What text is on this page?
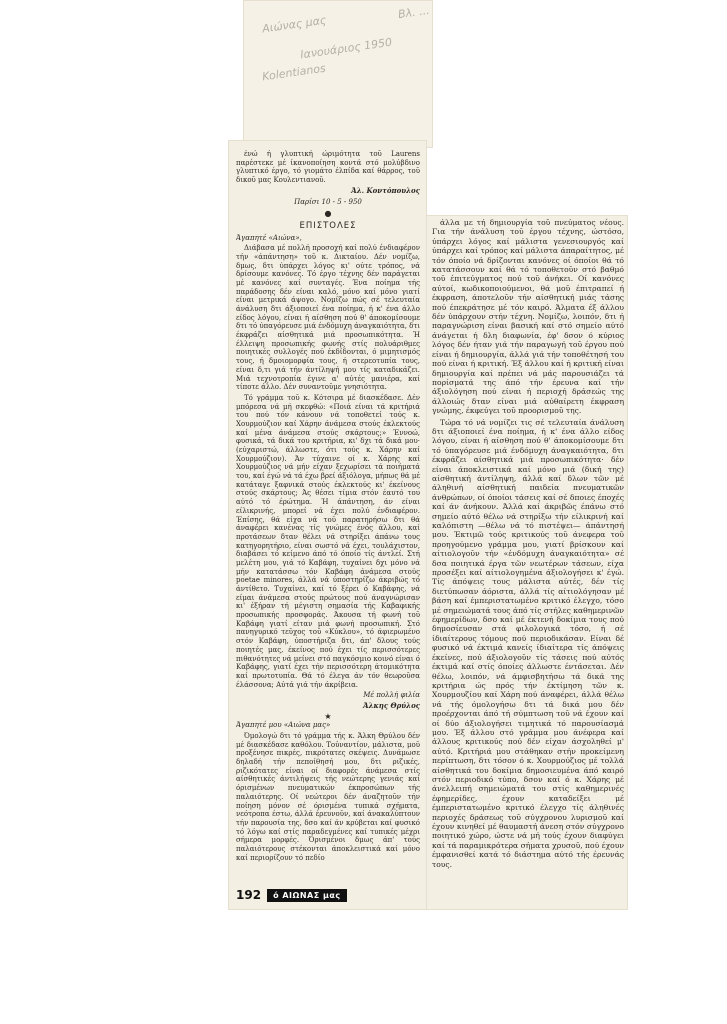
Αιώνας μας
Ιανουάριος 1950
Kolentianos
Βλ. ...

ένώ ή γλυπτική ώριμότητα τοῦ Laurens παρέστεκε μέ ίκανοποίηση κοντά στό μολύβδινο γλυπτικό έργο, τό γιομάτο έλπίδα καί θάρρος, τοῦ δικοῦ μας Κουλεντιανοῦ.

Άλ. Κοντόπουλος
Παρίσι 10 - 5 - 950
●
ΕΠΙΣΤΟΛΕΣ

Άγαπητέ «Αιώνα»,

Διάβασα μέ πολλή προσοχή καί πολύ ένδιαφέρον τήν «άπάντηση» τοῦ κ. Δικταίου. Δέν νομίζω, δμως, δτι ύπάρχει λόγος κι' ούτε τρόπος, νά δρίσουμε κανόνες. Τό έργο τέχνης δέν παράγεται μέ κανόνες καί συνταγές. Ένα ποίημα τής παράδοσης δέν είναι καλό, μόνο καί μόνο γιατί είναι μετρικά άψογο. Νομίζω πώς σέ τελευταία άνάλυση δτι άξιοποιεί ένα ποίημα, ή κ' ένα άλλο είδος λόγου, είναι ή αίσθηση πού θ' άποκομίσουμε δτι τό ύπαγόρευσε μιά ένδόμυχη άναγκαιότητα, δτι έκφράζει αίσθητικά μιά προσωπικότητα. Ή έλλειψη προσωπικής φωνής στίς πολυάριθμες ποιητικές συλλογές πού έκδίδονται, ό μιμητισμός τους, ή δμοιομορφία τους, ή στερεοτυπία τους, είναι δ,τι γιά τήν άντίληψή μου τίς καταδικάζει. Μιά τεχνοτροπία έγινε α' αύτές μανιέρα, καί τίποτε άλλο. Δέν συναντοῦμε γνησιότητα.

Τό γράμμα τοῦ κ. Κότσιρα μέ διασκέδασε. Δέν μπόρεσα νά μή σκεφθώ: «Ποιά είναι τά κριτήριά του πού τόν κάνουν νά τοποθετεί τούς κ. Χουρμούζιον καί Χάρην άνάμεσα στούς έκλεκτούς καί μένα άνάμεσα στούς σκάρτους;» Έννοώ, φυσικά, τά δικά του κριτήρια, κι' δχι τά δικά μου· (εύχαριστώ, άλλωστε, ότι τούς κ. Χάρην καί Χουρμούζιον). Άν τύχαινε οί κ. Χάρης καί Χουρμούζιος νά μήν είχαν ξεχωρίσει τά ποιήματά του, καί έγώ νά τά έχω βρεί άξιόλογα, μήπως θά μέ κατάταγε ξαφνικά στούς έκλεκτούς κι' έκείνους στούς σκάρτους; Άς θέσει τίμια στόν έαυτό του αύτό τό έρώτημα. Ή άπάντηση, άν είναι είλικρινής, μπορεί νά έχει πολύ ένδιαφέρον. Έπίσης, θά είχα νά τοῦ παρατηρήσω δτι θά άναφέρει κανένας τίς γνώμες ένός άλλου, καί προτάσεων δταν θέλει νά στηρίξει άπάνω τους κατηγορητήριο, είναι σωστό νά έχει, τουλάχιστον, διαβάσει τό κείμενο άπό τό όποίο τίς άντλεί. Στή μελέτη μου, γιά τό Καβάφη, τυχαίνει δχι μόνο νά μήν κατατάσσω τόν Καβάφη άνάμεσα στούς poetae minores, άλλά νά ύποστηρίζω άκριβώς τό άντίθετο. Τυχαίνει, καί τό ξέρει ό Καβάφης, νά είμαι άνάμεσα στούς πρώτους πού άναγνώρισαν κι' έξήραν τή μέγιστη σημασία τής Καβαφικής προσωπικής προσφοράς. Άκουσα τή φωνή τοῦ Καβάφη γιατί είταν μιά φωνή προσωπική. Στό πανηγυρικό τεῦχος τοῦ «Κύκλου», τό άφιερωμένο στόν Καβάφη, ύποστήριζα δτι, άπ' δλους τούς ποιητές μας, έκείνος πού έχει τίς περισσότερες πιθανότητες νά μείνει στό παγκόσμιο κοινό είναι ό Καβάφης, γιατί έχει τήν περισσότερη άτομικότητα καί πρωτοτυπία. Θά τό έλεγα άν τόν θεωροῦσα έλάσσονα; Αύτά γιά τήν άκρίβεια.

Μέ πολλή φιλία
Άλκης Θρύλος
★

Άγαπητέ μου «Αιώνα μας»

Όμολογώ δτι τό γράμμα τής κ. Άλκη Θρύλου δέν μέ διασκέδασε καθόλου. Τοὐναντίον, μάλιστα, μοῦ προξένησε πικρές, πικρότατες σκέψεις. Δυνάμωσε δηλαδή τήν πεποίθησή μου, δτι ριζικές, ριζικότατες είναι οί διαφορές άνάμεσα στίς αίσθητικές άντιλήψεις τής νεώτερης γενιάς καί όρισμένων πνευματικών έκπροσώπων τής παλαιότερης. Οί νεώτεροι δέν άναζητοῦν τήν ποίηση μόνον σέ όρισμένα τυπικά σχήματα, νεότροπα έστω, άλλά έρευνοῦν, καί άνακαλύπτουν τήν παρουσία της, δσο καί άν κρύβεται καί φυσικό τό λόγω καί στίς παραδεγμένες καί τυπικές μέχρι σήμερα μορφές. Όρισμένοι δμως άπ' τούς παλαιότερους στέκονται άποκλειστικά καί μόνο καί περιορίζουν τό πεδίο

άλλα με τή δημιουργία τοῦ πνεύματος νέους. Για τήν άνάλυση τοῦ έργου τέχνης, ώστόσο, ύπάρχει λόγος καί μάλιστα γενεσιουργός καί ύπάρχει καί τρόπος καί μάλιστα άπαραίτητος, μέ τόν όποίο νά δρίζονται κανόνες οί όποίοι θά τό κατατάσσουν καί θά τό τοποθετοῦν στό βαθμό τοῦ έπιτεύγματος πού τοῦ άνήκει. Οί κανόνες αύτοί, κωδικοποιούμενοι, θά μοῦ έπιτραπεί ή έκφραση, άποτελοῦν τήν αίσθητική μιάς τάσης πού έπεκράτησε μέ τόν καιρό. Άλματα έξ άλλου δέν ύπάρχουν στήν τέχνη. Νομίζω, λοιπόν, δτι ή παραγνώριση είναι βασική καί στό σημείο αύτό άνάγεται ή δλη διαφωνία, έφ' δσον ό κύριος λόγος δέν ήταν γιά τήν παραγωγή τοῦ έργου πού είναι ή δημιουργία, άλλά γιά τήν τοποθέτησή του πού είναι ή κριτική. Έξ άλλου καί ή κριτική είναι δημιουργία καί πρέπει νά μάς παρουσιάζει τά πορίσματά της άπό τήν έρευνα καί τήν άξιολόγηση πού είναι ή περιοχή δράσεώς της άλλοιώς δταν είναι μιά αύθαίρετη έκφραση γνώμης, έκφεύγει τοῦ προορισμοῦ της.

Τώρα τό νά νομίζει τις σέ τελευταία άνάλυση δτι άξιοποιεί ένα ποίημα, ή κ' ένα άλλο είδος λόγου, είναι ή αίσθηση πού θ' άποκομίσουμε δτι τό ύπαγόρευσε μιά ένδόμυχη άναγκαιότητα, δτι έκφράζει αίσθητικά μιά προσωπικότητα· δέν είναι άποκλειστικά καί μόνο μιά (δική της) αίσθητική άντίληψη, άλλά καί δλων τῶν μέ άληθινή αίσθητική παιδεία πνευματικῶν άνθρώπων, οί όποίοι τάσεις καί σέ δποιες έποχές καί άν άνήκουν. Άλλά καί άκριβῶς έπάνω στό σημείο αύτό θέλω νά στηρίξω τήν είλικρινή καί καλόπιστη —θέλω νά τό πιστέψει— άπάντησή μου. Έκτιμῶ τούς κριτικούς τοῦ άνεφερα τοῦ προηγούμενο γράμμα μου, γιατί βρίσκουν καί αίτιολογοῦν τήν «ένδόμυχη άναγκαιότητα» σέ δσα ποιητικά έργα τῶν νεωτέρων τάσεων, είχα προσέξει καί αίτιολογημένα άξιολογήσει κ' έγώ. Τίς άπόψεις τους μάλιστα αύτές, δέν τίς διετύπωσαν άόριστα, άλλά τίς αίτιολόγησαν μέ βάση καί έμπεριστατωμένο κριτικό έλεγχο, τόσο μέ σημειώματά τους άπό τίς στήλες καθημερινῶν έφημερίδων, δσο καί μέ έκτενή δοκίμια τους πού δημοσίευσαν στά φιλολογικά τόσο, ή σέ ίδιαίτερους τόμους πού περιοδικάσαν. Είναι δέ φυσικό νά έκτιμά κανείς ίδιαίτερα τίς άπόψεις έκείνες, πού άξιολογοῦν τίς τάσεις πού αύτός έκτιμά καί στίς όποίες άλλωστε έντάσεται. Δέν θέλω, λοιπόν, νά άμφισβητήσω τά δικά της κριτήρια ώς πρός τήν έκτίμηση τῶν κ. Χουρμουζίου καί Χάρη πού άναφέρει, άλλά θέλω νά τής όμολογήσω δτι τά δικά μου δέν προέρχονται άπό τή σύμπτωση τοῦ νά έχουν καί οί δύο άξιολογήσει τιμητικά τό παρουσίασμά μου. Έξ άλλου στό γράμμα μου άνέφερα καί άλλους κριτικούς πού δέν είχαν άσχοληθεί μ' αύτό. Κριτήριά μου στάθηκαν στήν προκείμενη περίπτωση, δτι τόσον ό κ. Χουρμούζιος μέ τολλά αίσθητικά του δοκίμια δημοσιευμένα άπό καιρό στόν περιοδικό τύπο, δσον καί ό κ. Χάρης μέ άνελλειπή σημειώματά του στίς καθημερινές έφημερίδες, έχουν καταδείξει μέ έμπεριστατωμένο κριτικό έλεγχο τίς άληθινές περιοχές δράσεως τοῦ σύγχρονου λυρισμοῦ καί έχουν κινηθεί μέ θαυμαστή άνεση στόν σύγχρονο ποιητικό χώρο, ώστε νά μή τούς έχουν διαφύγει καί τά παραμικρότερα σήματα χρυσοῦ, πού έχουν έμφανισθεί κατά τό διάστημα αύτό τής έρευνάς τους.

192	ό ΑΙΩΝΑΣ μας
